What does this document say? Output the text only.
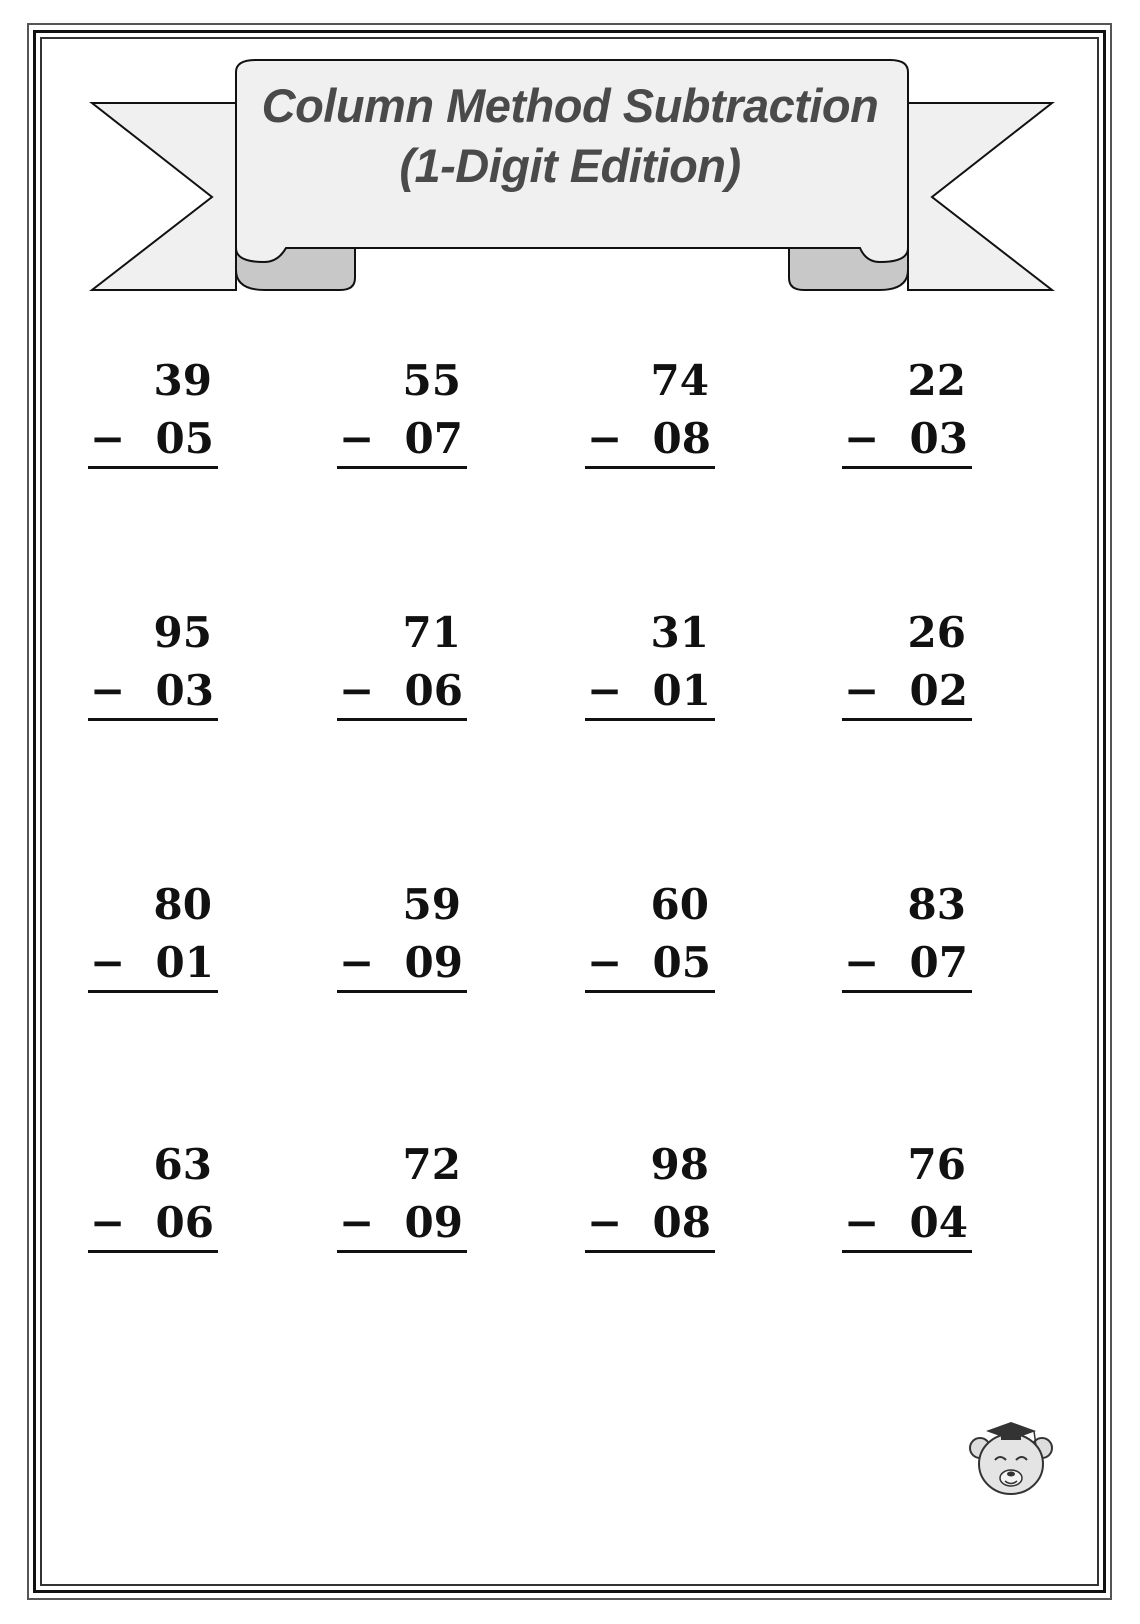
Column Method Subtraction
(1-Digit Edition)
39
− 05
55
− 07
74
− 08
22
− 03
95
− 03
71
− 06
31
− 01
26
− 02
80
− 01
59
− 09
60
− 05
83
− 07
63
− 06
72
− 09
98
− 08
76
− 04
